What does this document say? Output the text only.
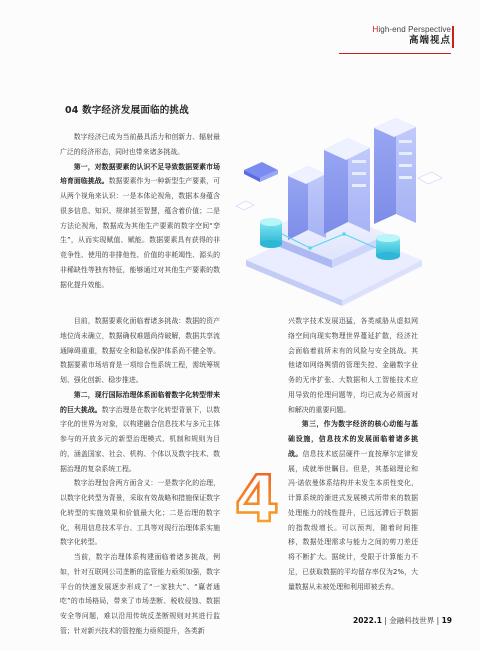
High-end Perspective
高端视点
04 数字经济发展面临的挑战

数字经济已成为当前最具活力和创新力、辐射最广泛的经济形态，同时也带来诸多挑战。

第一，对数据要素的认识不足导致数据要素市场培育面临挑战。数据要素作为一种新型生产要素，可从两个视角来认识：一是本体论视角，数据本身蕴含很多信息、知识、规律甚至智慧，蕴含着价值；二是方法论视角，数据成为其他生产要素的数字空间“孪生”，从而实现赋值、赋能。数据要素具有获得的非竞争性、使用的非排他性、价值的非耗竭性、源头的非稀缺性等独有特征，能够通过对其他生产要素的数据化提升效能。

目前，数据要素化面临着诸多挑战：数据的资产地位尚未确立，数据确权难题尚待破解，数据共享流通障碍重重，数据安全和隐私保护体系尚不健全等。数据要素市场培育是一项综合性系统工程，需统筹规划、强化创新、稳步推进。

第二，现行国际治理体系面临着数字化转型带来的巨大挑战。数字治理是在数字化转型背景下，以数字化的世界为对象，以构建融合信息技术与多元主体参与的开放多元的新型治理模式、机制和规则为目的，涵盖国家、社会、机构、个体以及数字技术、数据治理的复杂系统工程。

数字治理包含两方面含义：一是数字化的治理，以数字化转型为背景，采取有效战略和措施保证数字化转型的实施效果和价值最大化；二是治理的数字化，利用信息技术平台、工具等对现行治理体系实施数字化转型。

当前，数字治理体系构建面临着诸多挑战，例如，针对互联网公司垄断的监管能力亟须加强，数字平台的快速发展逐步形成了“一家独大”、“赢者通吃”的市场格局，带来了市场垄断、税收侵蚀、数据安全等问题，难以沿用传统反垄断规则对其进行监管；针对新兴技术的管控能力亟须提升，各类新

兴数字技术发展迅猛，各类威胁从虚拟网络空间向现实物理世界蔓延扩散，经济社会面临着前所未有的风险与安全挑战。其他诸如网络舆情的管理失控、金融数字业务的无序扩张、大数据和人工智能技术应用导致的伦理问题等，均已成为必须面对和解决的重要问题。

第三，作为数字经济的核心动能与基础设施，信息技术的发展面临着诸多挑战。信息技术底层硬件一直按摩尔定律发展，成就举世瞩目。但是，其基础理论和冯·诺依曼体系结构并未发生本质性变化，计算系统的渐进式发展模式所带来的数据处理能力的线性提升，已远远滞后于数据的指数级增长。可以预判，随着时间推移，数据处理需求与能力之间的剪刀差还将不断扩大。据统计，受限于计算能力不足，已获取数据的平均留存率仅为2%，大量数据从未被处理和利用即被丢弃。

4
2022.1 | 金融科技世界 | 19
